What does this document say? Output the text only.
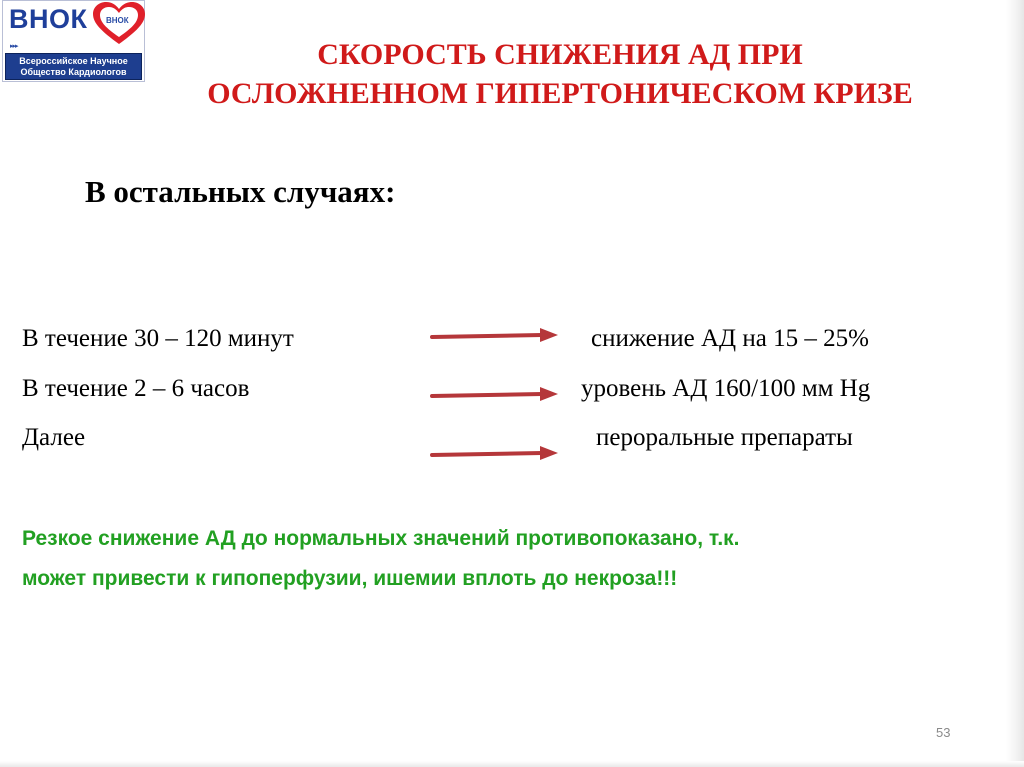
ВНОК ВНОК
▸▸▸
Всероссийское Научное
Общество Кардиологов
СКОРОСТЬ СНИЖЕНИЯ АД ПРИ
ОСЛОЖНЕННОМ ГИПЕРТОНИЧЕСКОМ КРИЗЕ
В остальных случаях:
В течение 30 – 120 минут	снижение АД на 15 – 25%
В течение 2 – 6 часов	уровень АД 160/100 мм Hg
Далее	пероральные препараты

Резкое снижение АД до нормальных значений противопоказано, т.к.
может привести к гипоперфузии, ишемии вплоть до некроза!!!

53
